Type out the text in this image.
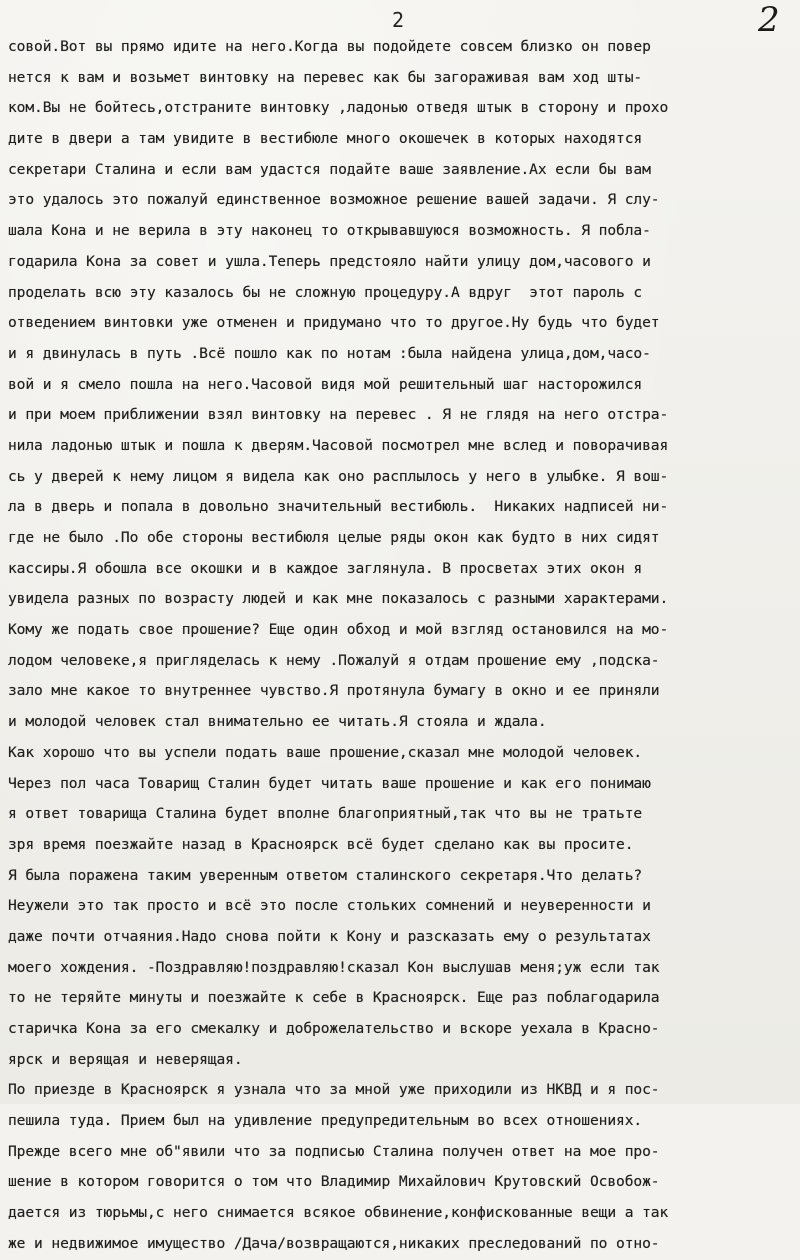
2	2
совой.Вот вы прямо идите на него.Когда вы подойдете совсем близко он повер
нется к вам и возьмет винтовку на перевес как бы загораживая вам ход шты-
ком.Вы не бойтесь,отстраните винтовку ,ладонью отведя штык в сторону и прохо
дите в двери а там увидите в вестибюле много окошечек в которых находятся
секретари Сталина и если вам удастся подайте ваше заявление.Ах если бы вам
это удалось это пожалуй единственное возможное решение вашей задачи. Я слу-
шала Кона и не верила в эту наконец то открывавшуюся возможность. Я побла-
годарила Кона за совет и ушла.Теперь предстояло найти улицу дом,часового и
проделать всю эту казалось бы не сложную процедуру.А вдруг  этот пароль с
отведением винтовки уже отменен и придумано что то другое.Ну будь что будет
и я двинулась в путь .Всё пошло как по нотам :была найдена улица,дом,часо-
вой и я смело пошла на него.Часовой видя мой решительный шаг насторожился
и при моем приближении взял винтовку на перевес . Я не глядя на него отстра-
нила ладонью штык и пошла к дверям.Часовой посмотрел мне вслед и поворачивая
сь у дверей к нему лицом я видела как оно расплылось у него в улыбке. Я вош-
ла в дверь и попала в довольно значительный вестибюль.  Никаких надписей ни-
где не было .По обе стороны вестибюля целые ряды окон как будто в них сидят
кассиры.Я обошла все окошки и в каждое заглянула. В просветах этих окон я
увидела разных по возрасту людей и как мне показалось с разными характерами.
Кому же подать свое прошение? Еще один обход и мой взгляд остановился на мо-
лодом человеке,я пригляделась к нему .Пожалуй я отдам прошение ему ,подска-
зало мне какое то внутреннее чувство.Я протянула бумагу в окно и ее приняли
и молодой человек стал внимательно ее читать.Я стояла и ждала.
Как хорошо что вы успели подать ваше прошение,сказал мне молодой человек.
Через пол часа Товарищ Сталин будет читать ваше прошение и как его понимаю
я ответ товарища Сталина будет вполне благоприятный,так что вы не тратьте
зря время поезжайте назад в Красноярск всё будет сделано как вы просите.
Я была поражена таким уверенным ответом сталинского секретаря.Что делать?
Неужели это так просто и всё это после стольких сомнений и неуверенности и
даже почти отчаяния.Надо снова пойти к Кону и разсказать ему о результатах
моего хождения. -Поздравляю!поздравляю!сказал Кон выслушав меня;уж если так
то не теряйте минуты и поезжайте к себе в Красноярск. Еще раз поблагодарила
старичка Кона за его смекалку и доброжелательство и вскоре уехала в Красно-
ярск и верящая и неверящая.
По приезде в Красноярск я узнала что за мной уже приходили из НКВД и я пос-
пешила туда. Прием был на удивление предупредительным во всех отношениях.
Прежде всего мне об"явили что за подписью Сталина получен ответ на мое про-
шение в котором говорится о том что Владимир Михайлович Крутовский Освобож-
дается из тюрьмы,с него снимается всякое обвинение,конфискованные вещи а так
же и недвижимое имущество /Дача/возвращаются,никаких преследований по отно-
